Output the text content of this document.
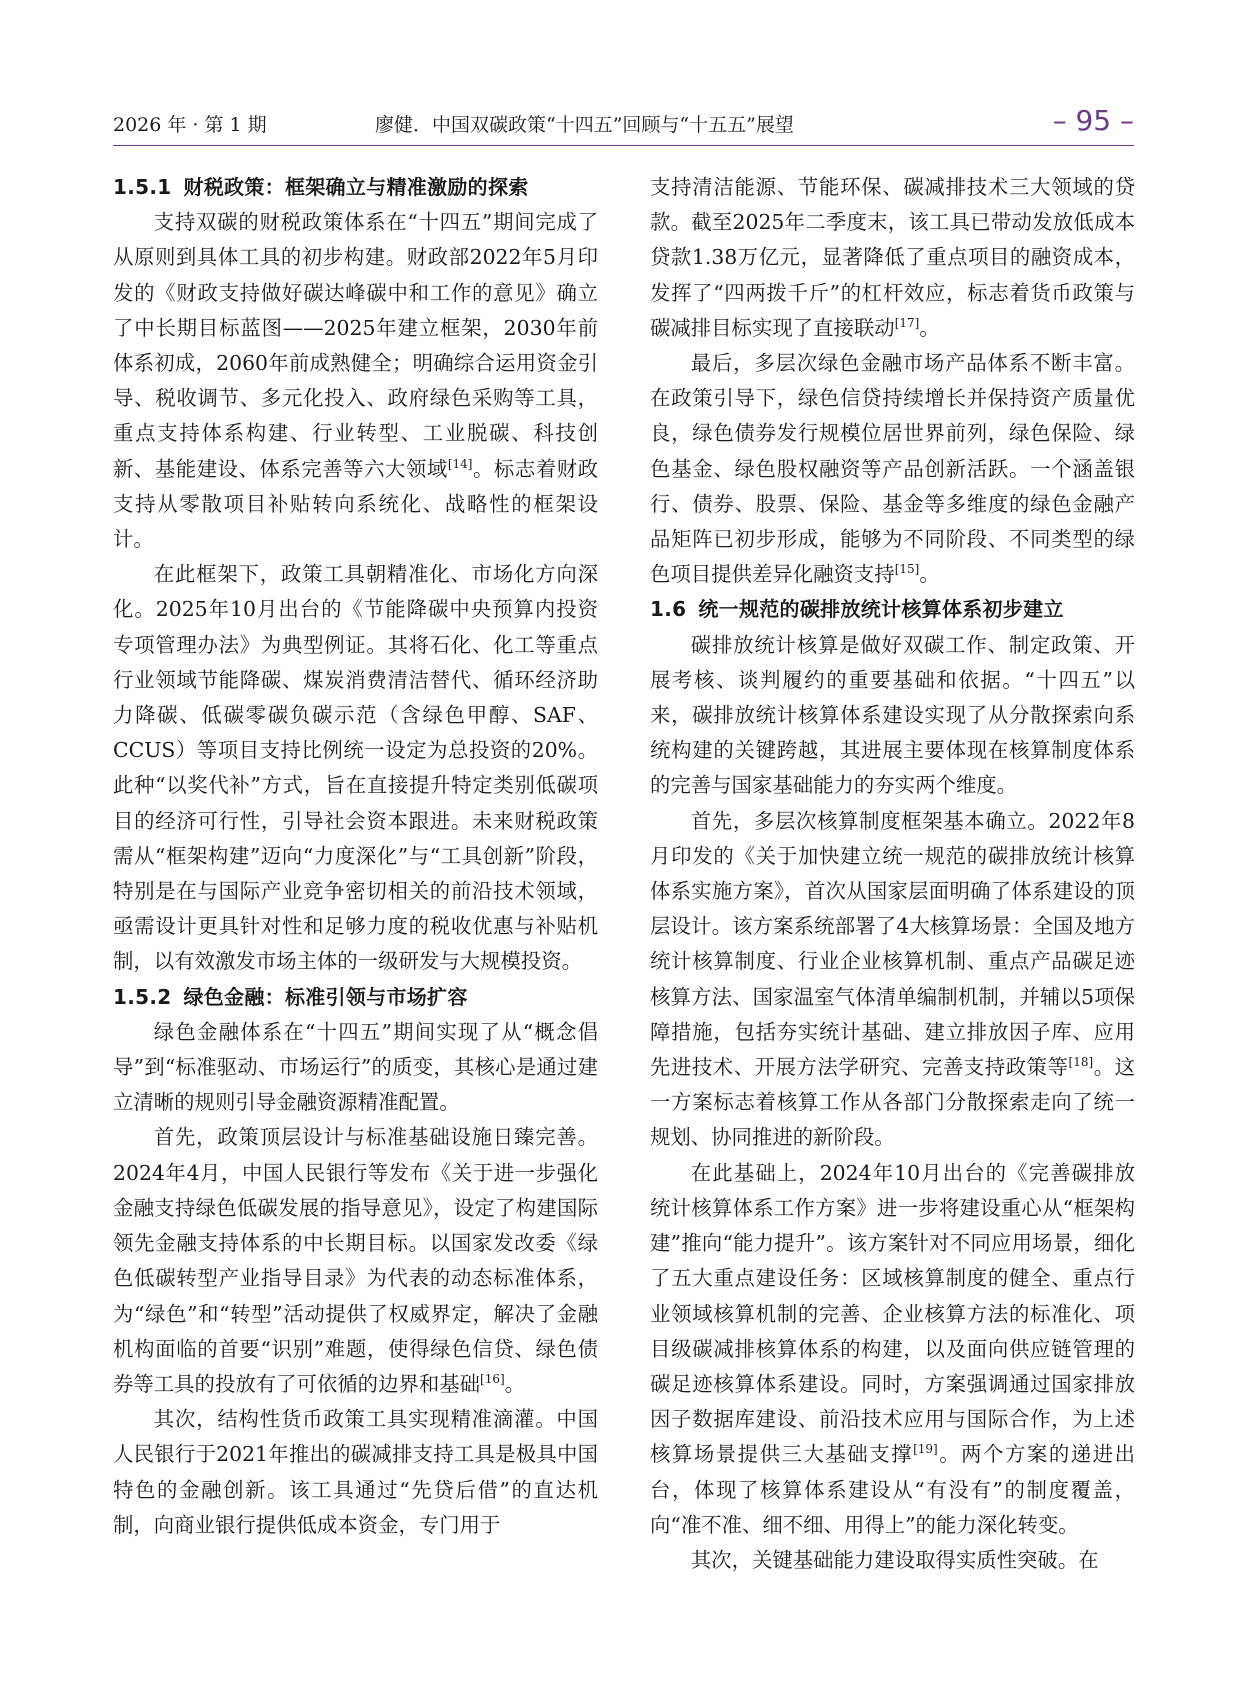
2026 年 · 第 1 期	廖健．中国双碳政策“十四五”回顾与“十五五”展望	– 95 –
1.5.1 财税政策：框架确立与精准激励的探索

支持双碳的财税政策体系在“十四五”期间完成了从原则到具体工具的初步构建。财政部2022年5月印发的《财政支持做好碳达峰碳中和工作的意见》确立了中长期目标蓝图——2025年建立框架，2030年前体系初成，2060年前成熟健全；明确综合运用资金引导、税收调节、多元化投入、政府绿色采购等工具，重点支持体系构建、行业转型、工业脱碳、科技创新、基能建设、体系完善等六大领域[14]。标志着财政支持从零散项目补贴转向系统化、战略性的框架设计。

在此框架下，政策工具朝精准化、市场化方向深化。2025年10月出台的《节能降碳中央预算内投资专项管理办法》为典型例证。其将石化、化工等重点行业领域节能降碳、煤炭消费清洁替代、循环经济助力降碳、低碳零碳负碳示范（含绿色甲醇、SAF、CCUS）等项目支持比例统一设定为总投资的20%。此种“以奖代补”方式，旨在直接提升特定类别低碳项目的经济可行性，引导社会资本跟进。未来财税政策需从“框架构建”迈向“力度深化”与“工具创新”阶段，特别是在与国际产业竞争密切相关的前沿技术领域，亟需设计更具针对性和足够力度的税收优惠与补贴机制，以有效激发市场主体的一级研发与大规模投资。

1.5.2 绿色金融：标准引领与市场扩容

绿色金融体系在“十四五”期间实现了从“概念倡导”到“标准驱动、市场运行”的质变，其核心是通过建立清晰的规则引导金融资源精准配置。

首先，政策顶层设计与标准基础设施日臻完善。2024年4月，中国人民银行等发布《关于进一步强化金融支持绿色低碳发展的指导意见》，设定了构建国际领先金融支持体系的中长期目标。以国家发改委《绿色低碳转型产业指导目录》为代表的动态标准体系，为“绿色”和“转型”活动提供了权威界定，解决了金融机构面临的首要“识别”难题，使得绿色信贷、绿色债券等工具的投放有了可依循的边界和基础[16]。

其次，结构性货币政策工具实现精准滴灌。中国人民银行于2021年推出的碳减排支持工具是极具中国特色的金融创新。该工具通过“先贷后借”的直达机制，向商业银行提供低成本资金，专门用于

支持清洁能源、节能环保、碳减排技术三大领域的贷款。截至2025年二季度末，该工具已带动发放低成本贷款1.38万亿元，显著降低了重点项目的融资成本，发挥了“四两拨千斤”的杠杆效应，标志着货币政策与碳减排目标实现了直接联动[17]。

最后，多层次绿色金融市场产品体系不断丰富。在政策引导下，绿色信贷持续增长并保持资产质量优良，绿色债券发行规模位居世界前列，绿色保险、绿色基金、绿色股权融资等产品创新活跃。一个涵盖银行、债券、股票、保险、基金等多维度的绿色金融产品矩阵已初步形成，能够为不同阶段、不同类型的绿色项目提供差异化融资支持[15]。

1.6 统一规范的碳排放统计核算体系初步建立

碳排放统计核算是做好双碳工作、制定政策、开展考核、谈判履约的重要基础和依据。“十四五”以来，碳排放统计核算体系建设实现了从分散探索向系统构建的关键跨越，其进展主要体现在核算制度体系的完善与国家基础能力的夯实两个维度。

首先，多层次核算制度框架基本确立。2022年8月印发的《关于加快建立统一规范的碳排放统计核算体系实施方案》，首次从国家层面明确了体系建设的顶层设计。该方案系统部署了4大核算场景：全国及地方统计核算制度、行业企业核算机制、重点产品碳足迹核算方法、国家温室气体清单编制机制，并辅以5项保障措施，包括夯实统计基础、建立排放因子库、应用先进技术、开展方法学研究、完善支持政策等[18]。这一方案标志着核算工作从各部门分散探索走向了统一规划、协同推进的新阶段。

在此基础上，2024年10月出台的《完善碳排放统计核算体系工作方案》进一步将建设重心从“框架构建”推向“能力提升”。该方案针对不同应用场景，细化了五大重点建设任务：区域核算制度的健全、重点行业领域核算机制的完善、企业核算方法的标准化、项目级碳减排核算体系的构建，以及面向供应链管理的碳足迹核算体系建设。同时，方案强调通过国家排放因子数据库建设、前沿技术应用与国际合作，为上述核算场景提供三大基础支撑[19]。两个方案的递进出台，体现了核算体系建设从“有没有”的制度覆盖，向“准不准、细不细、用得上”的能力深化转变。

其次，关键基础能力建设取得实质性突破。在
